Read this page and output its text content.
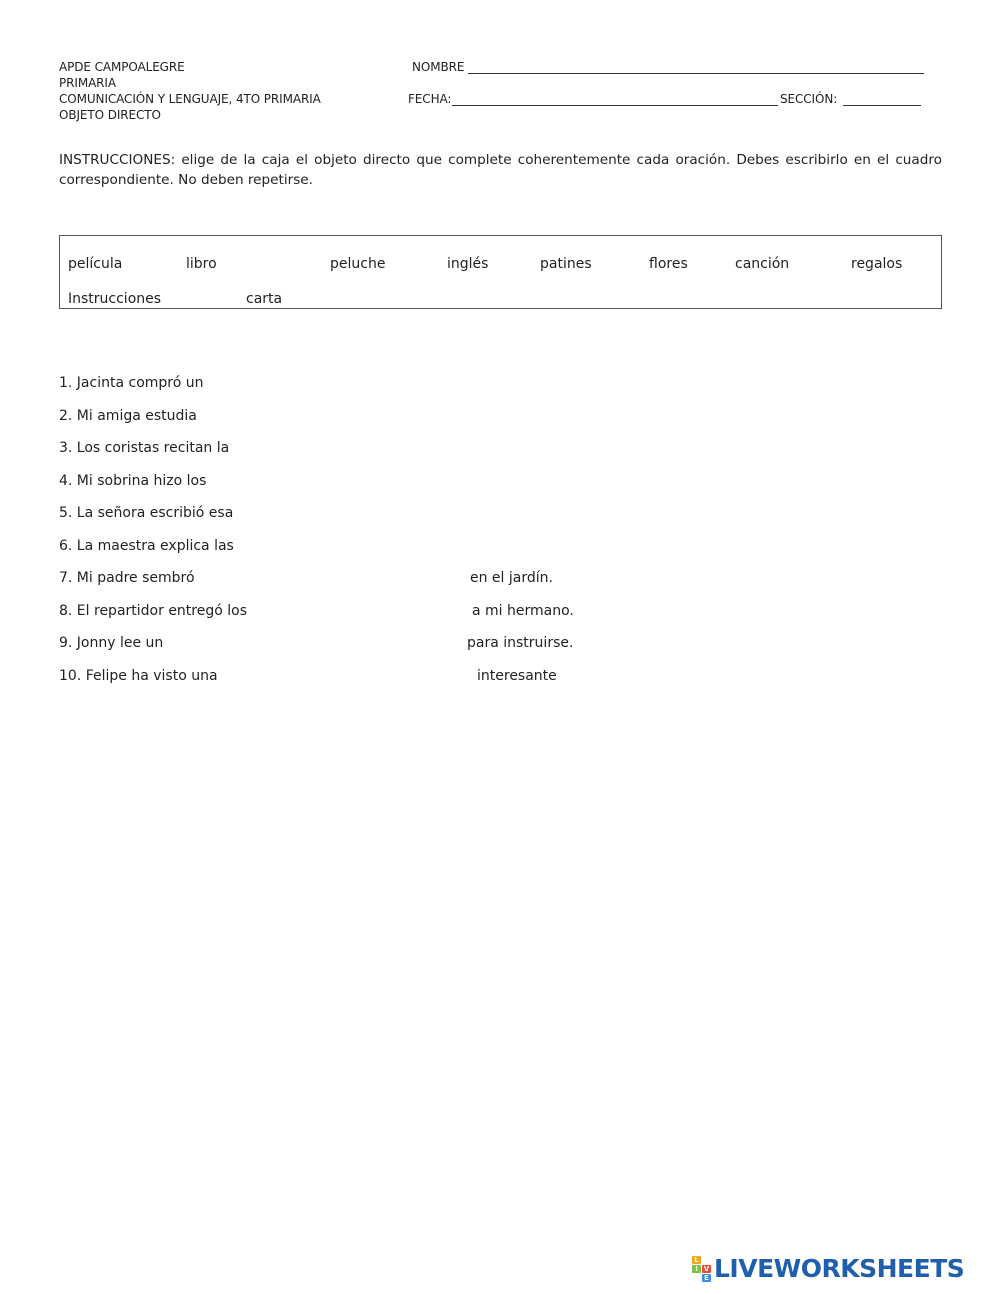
APDE CAMPOALEGRE
PRIMARIA
COMUNICACIÓN Y LENGUAJE, 4TO PRIMARIA
OBJETO DIRECTO
NOMBRE
FECHA:	SECCIÓN:
INSTRUCCIONES: elige de la caja el objeto directo que complete coherentemente cada oración. Debes escribirlo en el cuadro correspondiente. No deben repetirse.
película	libro	peluche	inglés	patines	flores	canción	regalos
Instrucciones	carta
1. Jacinta compró un
2. Mi amiga estudia
3. Los coristas recitan la
4. Mi sobrina hizo los
5. La señora escribió esa
6. La maestra explica las
7. Mi padre sembró	en el jardín.
8. El repartidor entregó los	a mi hermano.
9. Jonny lee un	para instruirse.
10. Felipe ha visto una	interesante
L
I V
E LIVEWORKSHEETS
